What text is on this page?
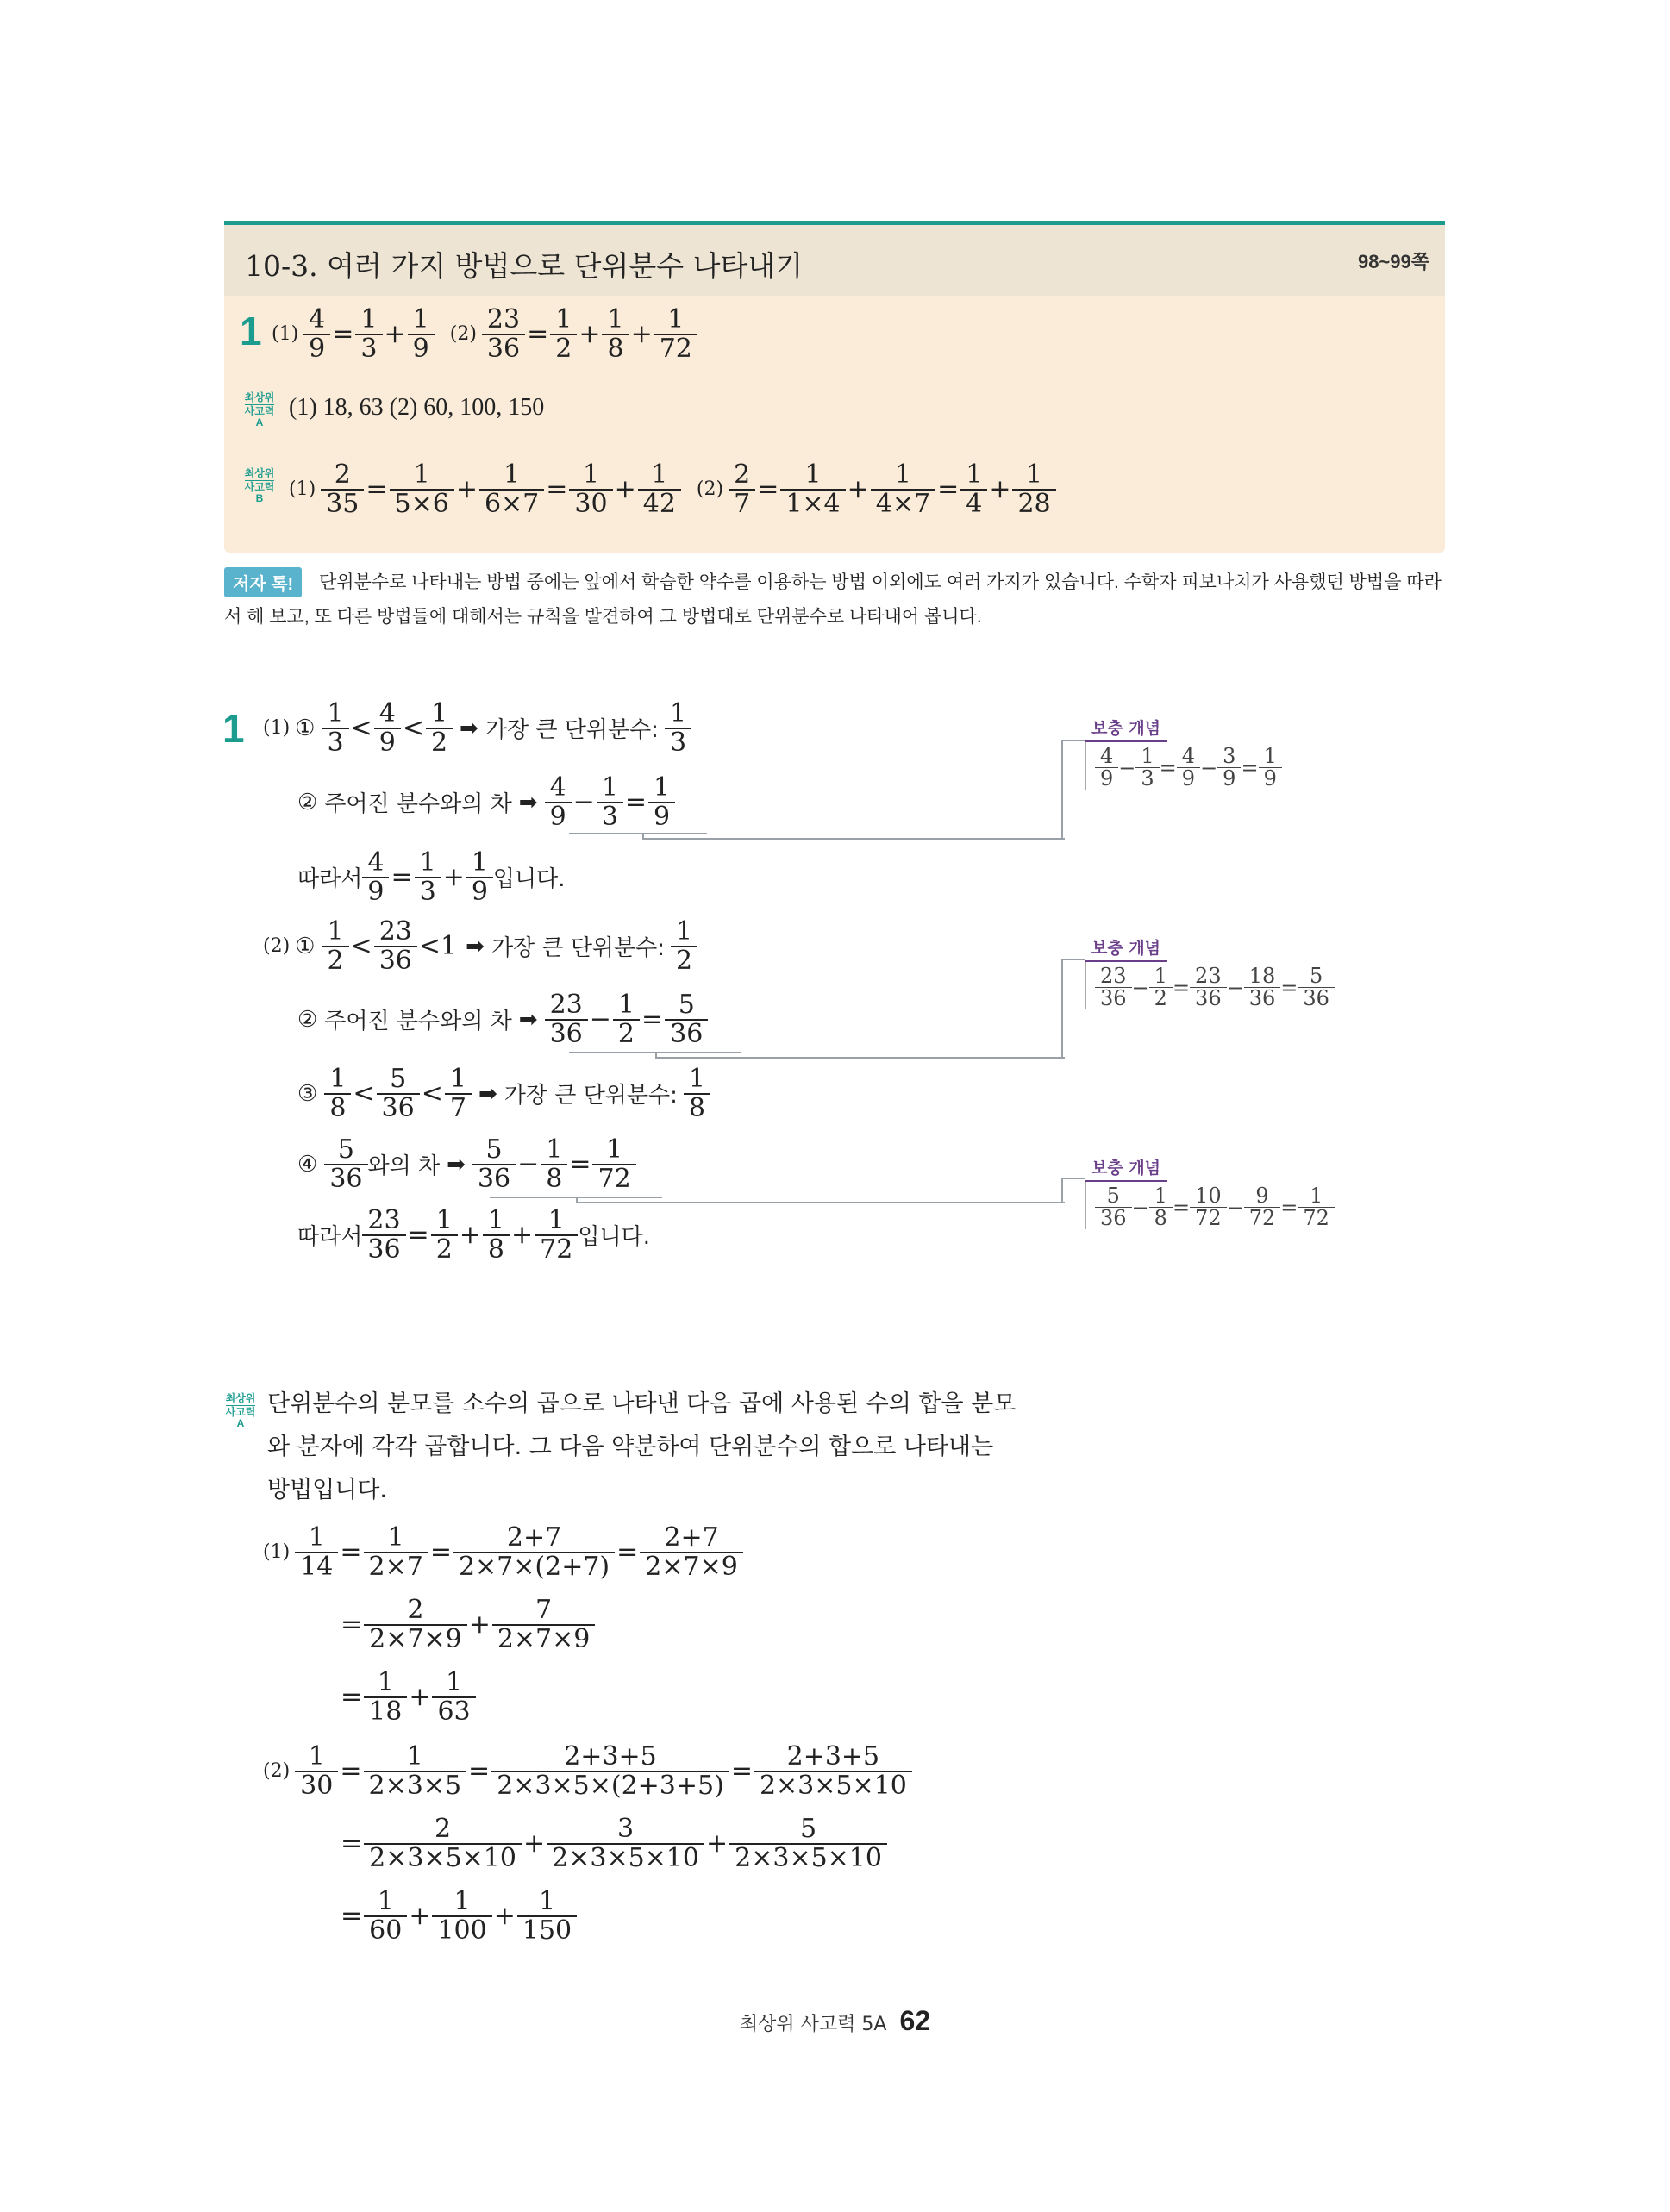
10-3. 여러 가지 방법으로 단위분수 나타내기	98~99쪽
1 $(1) \frac{4}{9} = \frac{1}{3} + \frac{1}{9} (2) \frac{23}{36} = \frac{1}{2} + \frac{1}{8} + \frac{1}{72}$
최상위
사고력
A
(1) 18, 63 (2) 60, 100, 150
최상위
사고력
B	$(1) \frac{2}{35} = \frac{1}{5\times 6} + \frac{1}{6\times 7} = \frac{1}{30} + \frac{1}{42} (2) \frac{2}{7} = \frac{1}{1\times 4} + \frac{1}{4\times 7} = \frac{1}{4} + \frac{1}{28}$
단위분수로 나타내는 방법 중에는 앞에서 학습한 약수를 이용하는 방법 이외에도 여러 가지가 있습니다. 수학자 피보나치가 사용했던 방법을 따라서 해 보고, 또 다른 방법들에 대해서는 규칙을 발견하여 그 방법대로 단위분수로 나타내어 봅니다.
저자 톡!
1 (1) ① 1
3 < 4
9 < 1
2 ➡ 가장 큰 단위분수:
1
3
② 주어진 분수와의 차 ➡ 4
$9 - \frac{1}{3} = \frac{1}{9}$
따라서 $\frac{4}{9} = \frac{1}{3} + \frac{1}{9}$ 입니다.
보충 개념
4
9 − 1
3 = 4
9 − 3
9 = 1
9
(2) ① 1
2 < 23
36 <1 ➡ 가장 큰 단위분수:
1
2
② 주어진 분수와의 차 ➡ 23
$36 - \frac{1}{2} = \frac{5}{36}$
③ 1
8 < 5
36 < 1
7 ➡ 가장 큰 단위분수:
1
8
④ 5
36 와의 차 ➡ 5
$36 - \frac{1}{8} = \frac{1}{72}$
따라서 $\frac{23}{36} = \frac{1}{2} + \frac{1}{8} + \frac{1}{72}$ 입니다.
보충 개념
23
36 − 1
2 = 23
36 − 18
36 = 5
36
보충 개념
5
36 − 1
8 = 10
72 − 9
72 = 1
72
최상위
사고력
A
단위분수의 분모를 소수의 곱으로 나타낸 다음 곱에 사용된 수의 합을 분모와 분자에 각각 곱합니다. 그 다음 약분하여 단위분수의 합으로 나타내는 방법입니다.
$(1) \frac{1}{14} = \frac{1}{2\times 7} = \frac{2+7}{2\times 7\times(2+7)} = \frac{2+7}{2\times 7\times 9}$
= $\frac{2}{2\times 7\times 9} + \frac{7}{2\times 7\times 9}$
= $\frac{1}{18} + \frac{1}{63}$
$(2) \frac{1}{30} = \frac{1}{2\times 3\times 5} = \frac{2+3+5}{2\times 3\times 5\times(2+3+5)} = \frac{2+3+5}{2\times 3\times 5\times 10}$
= $\frac{2}{2\times 3\times 5\times 10} + \frac{3}{2\times 3\times 5\times 10} + \frac{5}{2\times 3\times 5\times 10}$
= $\frac{1}{60} + \frac{1}{100} + \frac{1}{150}$
최상위 사고력 5A 62
